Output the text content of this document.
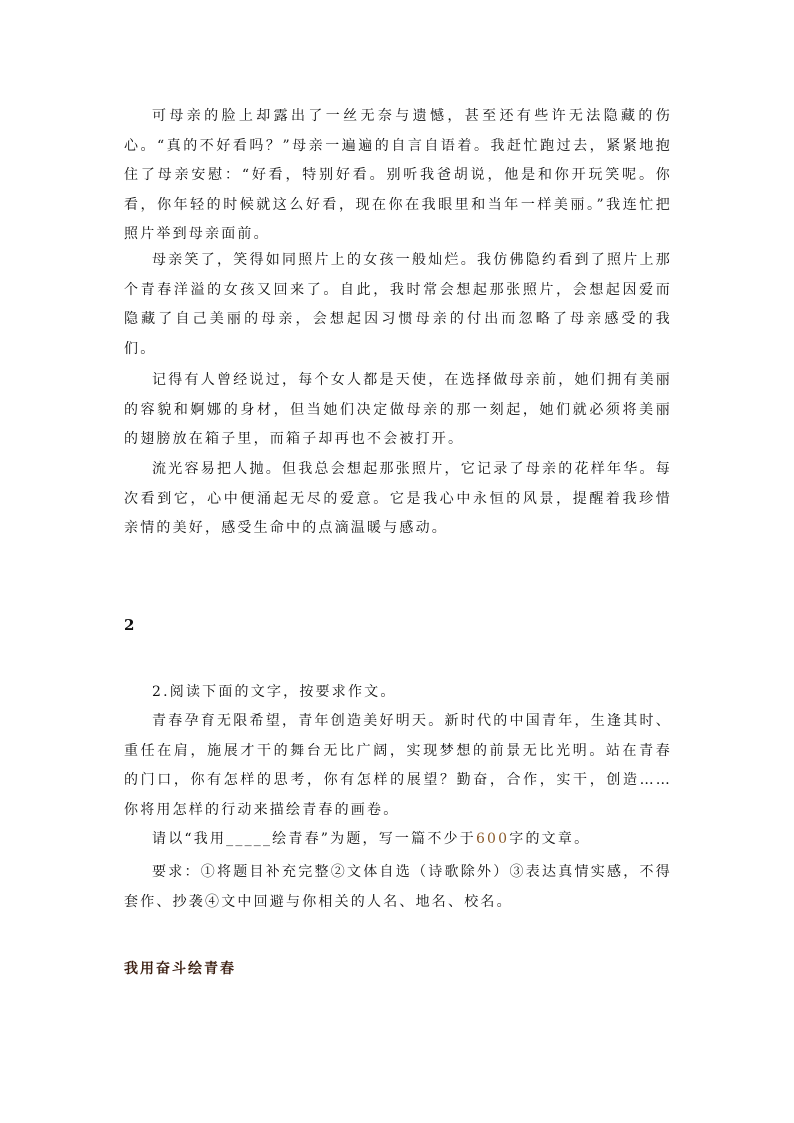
可母亲的脸上却露出了一丝无奈与遗憾，甚至还有些许无法隐藏的伤心。“真的不好看吗？”母亲一遍遍的自言自语着。我赶忙跑过去，紧紧地抱住了母亲安慰：“好看，特别好看。别听我爸胡说，他是和你开玩笑呢。你看，你年轻的时候就这么好看，现在你在我眼里和当年一样美丽。”我连忙把照片举到母亲面前。

母亲笑了，笑得如同照片上的女孩一般灿烂。我仿佛隐约看到了照片上那个青春洋溢的女孩又回来了。自此，我时常会想起那张照片，会想起因爱而隐藏了自己美丽的母亲，会想起因习惯母亲的付出而忽略了母亲感受的我们。

记得有人曾经说过，每个女人都是天使，在选择做母亲前，她们拥有美丽的容貌和婀娜的身材，但当她们决定做母亲的那一刻起，她们就必须将美丽的翅膀放在箱子里，而箱子却再也不会被打开。

流光容易把人抛。但我总会想起那张照片，它记录了母亲的花样年华。每次看到它，心中便涌起无尽的爱意。它是我心中永恒的风景，提醒着我珍惜亲情的美好，感受生命中的点滴温暖与感动。

2

2.阅读下面的文字，按要求作文。

青春孕育无限希望，青年创造美好明天。新时代的中国青年，生逢其时、重任在肩，施展才干的舞台无比广阔，实现梦想的前景无比光明。站在青春的门口，你有怎样的思考，你有怎样的展望？勤奋，合作，实干，创造……你将用怎样的行动来描绘青春的画卷。

请以“我用_____绘青春”为题，写一篇不少于600字的文章。

要求：①将题目补充完整②文体自选（诗歌除外）③表达真情实感，不得套作、抄袭④文中回避与你相关的人名、地名、校名。

我用奋斗绘青春
